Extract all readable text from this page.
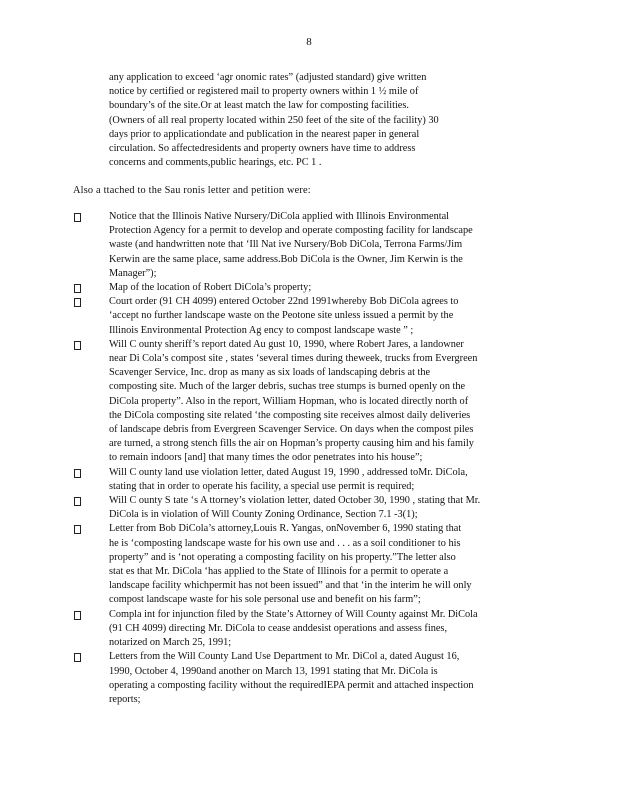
8
any application to exceed ‘agr onomic rates” (adjusted standard) give written
notice by certified or registered mail to property owners within 1 ½ mile of
boundary’s of the site.Or at least match the law for composting facilities.
(Owners of all real property located within 250 feet of the site of the facility) 30
days prior to applicationdate and publication in the nearest paper in general
circulation. So affectedresidents and property owners have time to address
concerns and comments,public hearings, etc. PC 1 .
Also a ttached to the Sau ronis letter and petition were:
Notice that the Illinois Native Nursery/DiCola applied with Illinois Environmental
Protection Agency for a permit to develop and operate composting facility for landscape
waste (and handwritten note that ‘Ill Nat ive Nursery/Bob DiCola, Terrona Farms/Jim
Kerwin are the same place, same address.Bob DiCola is the Owner, Jim Kerwin is the
Manager”);
Map of the location of Robert DiCola’s property;
Court order (91 CH 4099) entered October 22nd 1991whereby Bob DiCola agrees to
‘accept no further landscape waste on the Peotone site unless issued a permit by the
Illinois Environmental Protection Ag ency to compost landscape waste ” ;
Will C ounty sheriff’s report dated Au gust 10, 1990, where Robert Jares, a landowner
near Di Cola’s compost site , states ‘several times during theweek, trucks from Evergreen
Scavenger Service, Inc. drop as many as six loads of landscaping debris at the
composting site. Much of the larger debris, suchas tree stumps is burned openly on the
DiCola property”. Also in the report, William Hopman, who is located directly north of
the DiCola composting site related ‘the composting site receives almost daily deliveries
of landscape debris from Evergreen Scavenger Service. On days when the compost piles
are turned, a strong stench fills the air on Hopman’s property causing him and his family
to remain indoors [and] that many times the odor penetrates into his house”;
Will C ounty land use violation letter, dated August 19, 1990 , addressed toMr. DiCola,
stating that in order to operate his facility, a special use permit is required;
Will C ounty S tate ‘s A ttorney’s violation letter, dated October 30, 1990 , stating that Mr.
DiCola is in violation of Will County Zoning Ordinance, Section 7.1 -3(1);
Letter from Bob DiCola’s attorney,Louis R. Yangas, onNovember 6, 1990 stating that
he is ‘composting landscape waste for his own use and . . . as a soil conditioner to his
property” and is ‘not operating a composting facility on his property.”The letter also
stat es that Mr. DiCola ‘has applied to the State of Illinois for a permit to operate a
landscape facility whichpermit has not been issued” and that ‘in the interim he will only
compost landscape waste for his sole personal use and benefit on his farm”;
Compla int for injunction filed by the State’s Attorney of Will County against Mr. DiCola
(91 CH 4099) directing Mr. DiCola to cease anddesist operations and assess fines,
notarized on March 25, 1991;
Letters from the Will County Land Use Department to Mr. DiCol a, dated August 16,
1990, October 4, 1990and another on March 13, 1991 stating that Mr. DiCola is
operating a composting facility without the requiredIEPA permit and attached inspection
reports;
